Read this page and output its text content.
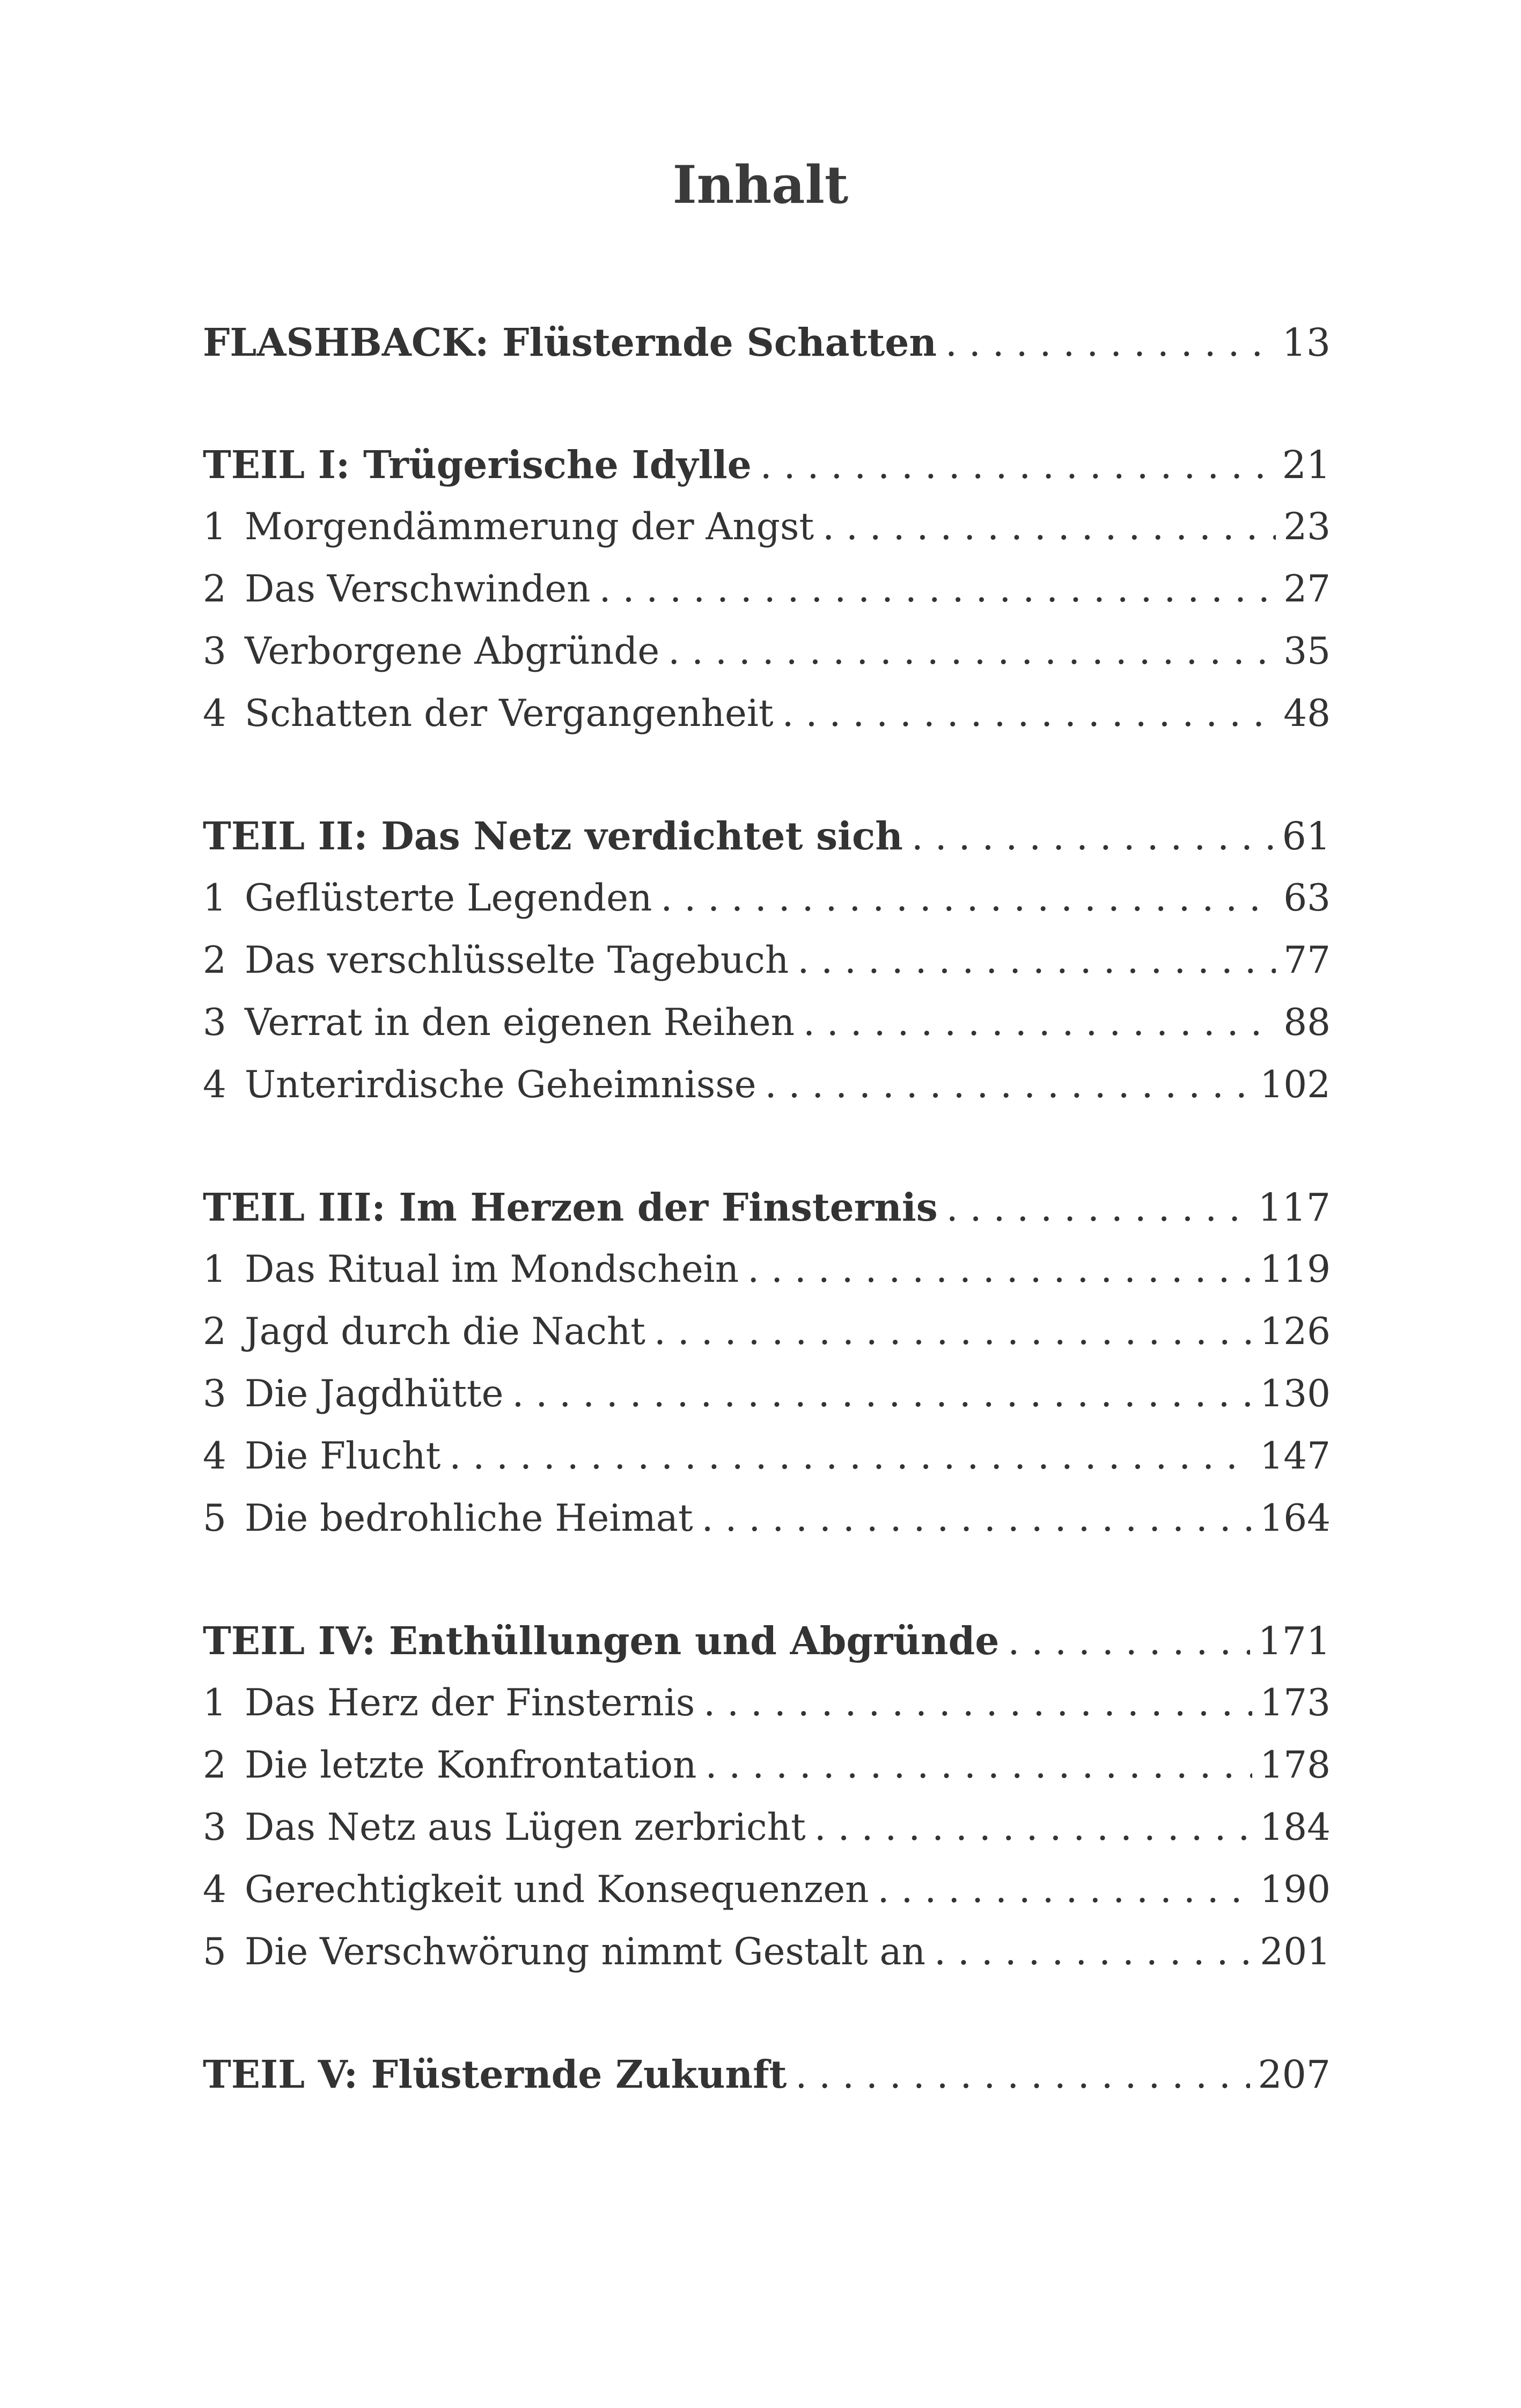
Inhalt
FLASHBACK: Flüsternde Schatten . . .	13
TEIL I: Trügerische Idylle . . .	21
1 Morgendämmerung der Angst . . .	23
2 Das Verschwinden . . .	27
3 Verborgene Abgründe . . .	35
4 Schatten der Vergangenheit . . .	48
TEIL II: Das Netz verdichtet sich . . .	61
1 Geflüsterte Legenden . . .	63
2 Das verschlüsselte Tagebuch . . .	77
3 Verrat in den eigenen Reihen . . .	88
4 Unterirdische Geheimnisse . . .	102
TEIL III: Im Herzen der Finsternis . . .	117
1 Das Ritual im Mondschein . . .	119
2 Jagd durch die Nacht . . .	126
3 Die Jagdhütte . . .	130
4 Die Flucht . . .	147
5 Die bedrohliche Heimat . . .	164
TEIL IV: Enthüllungen und Abgründe . . .	171
1 Das Herz der Finsternis . . .	173
2 Die letzte Konfrontation . . .	178
3 Das Netz aus Lügen zerbricht . . .	184
4 Gerechtigkeit und Konsequenzen . . .	190
5 Die Verschwörung nimmt Gestalt an . . .	201
TEIL V: Flüsternde Zukunft . . .	207
